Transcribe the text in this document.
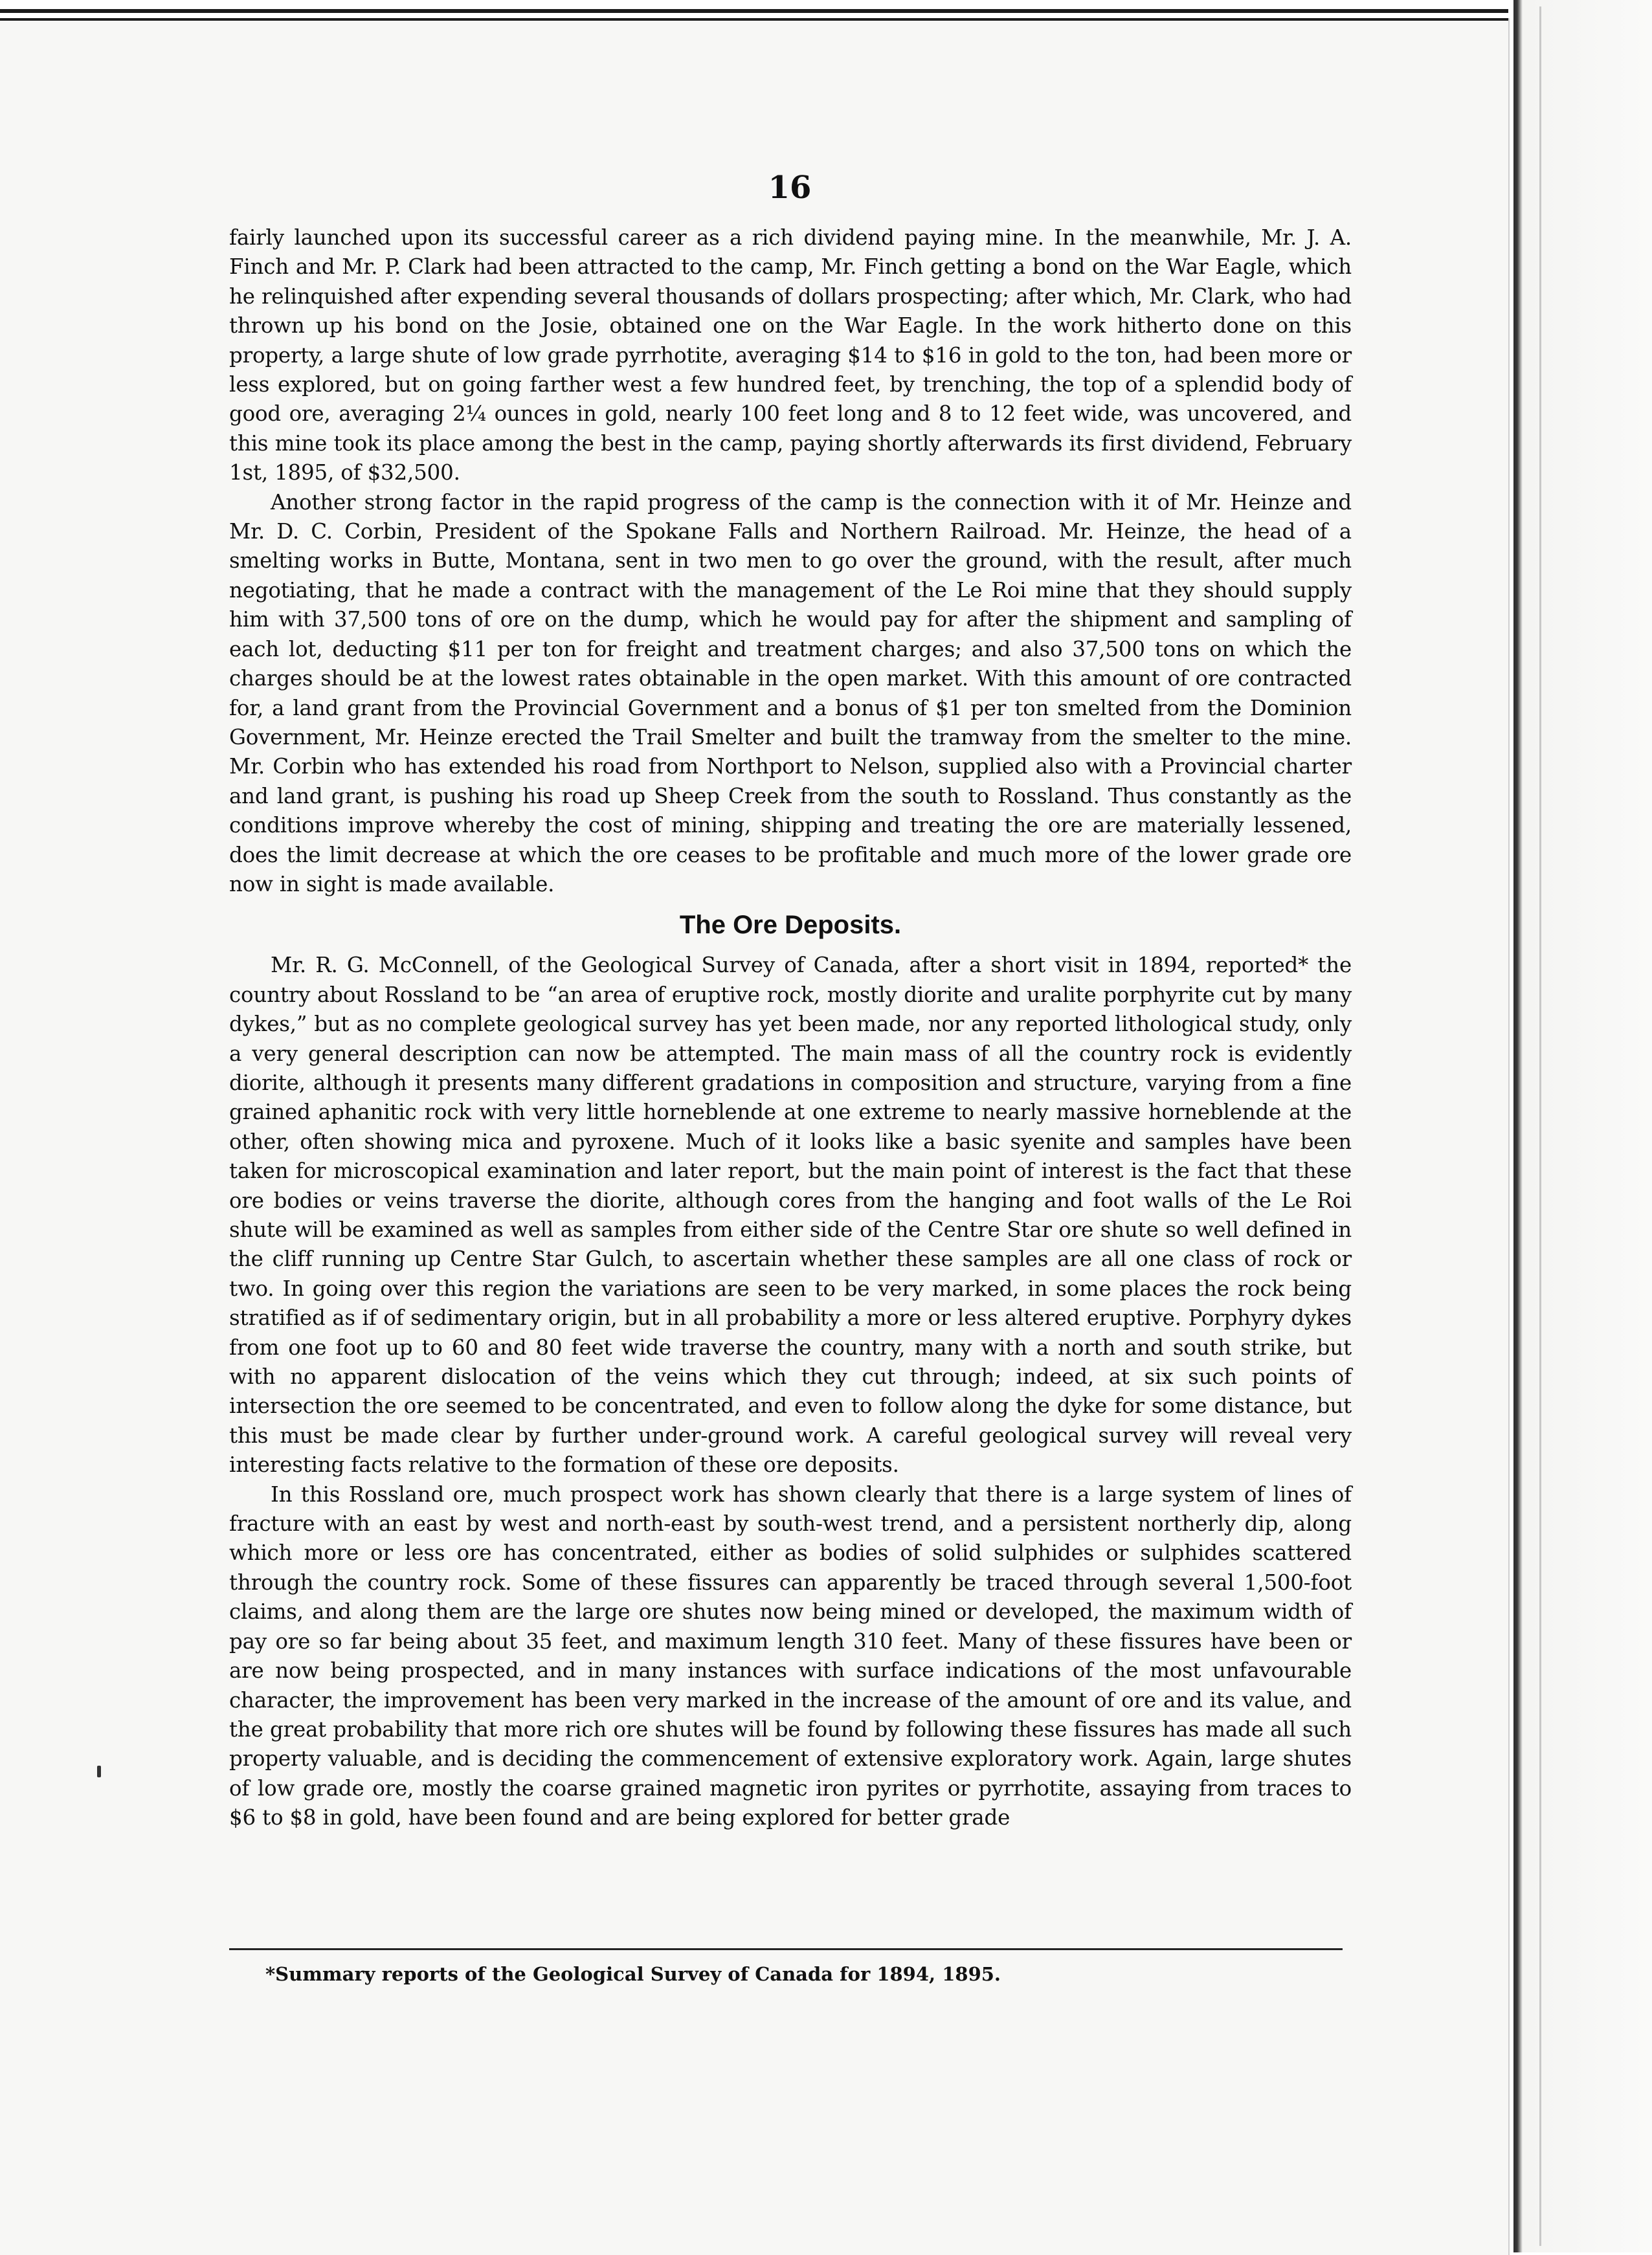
16

fairly launched upon its successful career as a rich dividend paying mine. In the meanwhile, Mr. J. A. Finch and Mr. P. Clark had been attracted to the camp, Mr. Finch getting a bond on the War Eagle, which he relinquished after expending several thousands of dollars prospecting; after which, Mr. Clark, who had thrown up his bond on the Josie, obtained one on the War Eagle. In the work hitherto done on this property, a large shute of low grade pyrrhotite, averaging $14 to $16 in gold to the ton, had been more or less explored, but on going farther west a few hundred feet, by trenching, the top of a splendid body of good ore, averaging 2¼ ounces in gold, nearly 100 feet long and 8 to 12 feet wide, was uncovered, and this mine took its place among the best in the camp, paying shortly afterwards its first dividend, February 1st, 1895, of $32,500.

Another strong factor in the rapid progress of the camp is the connection with it of Mr. Heinze and Mr. D. C. Corbin, President of the Spokane Falls and Northern Railroad. Mr. Heinze, the head of a smelting works in Butte, Montana, sent in two men to go over the ground, with the result, after much negotiating, that he made a contract with the management of the Le Roi mine that they should supply him with 37,500 tons of ore on the dump, which he would pay for after the shipment and sampling of each lot, deducting $11 per ton for freight and treatment charges; and also 37,500 tons on which the charges should be at the lowest rates obtainable in the open market. With this amount of ore contracted for, a land grant from the Provincial Government and a bonus of $1 per ton smelted from the Dominion Government, Mr. Heinze erected the Trail Smelter and built the tramway from the smelter to the mine. Mr. Corbin who has extended his road from Northport to Nelson, supplied also with a Provincial charter and land grant, is pushing his road up Sheep Creek from the south to Rossland. Thus constantly as the conditions improve whereby the cost of mining, shipping and treating the ore are materially lessened, does the limit decrease at which the ore ceases to be profitable and much more of the lower grade ore now in sight is made available.

The Ore Deposits.

Mr. R. G. McConnell, of the Geological Survey of Canada, after a short visit in 1894, reported* the country about Rossland to be “an area of eruptive rock, mostly diorite and uralite porphyrite cut by many dykes,” but as no complete geological survey has yet been made, nor any reported lithological study, only a very general description can now be attempted. The main mass of all the country rock is evidently diorite, although it presents many different gradations in composition and structure, varying from a fine grained aphanitic rock with very little horneblende at one extreme to nearly massive horneblende at the other, often showing mica and pyroxene. Much of it looks like a basic syenite and samples have been taken for microscopical examination and later report, but the main point of interest is the fact that these ore bodies or veins traverse the diorite, although cores from the hanging and foot walls of the Le Roi shute will be examined as well as samples from either side of the Centre Star ore shute so well defined in the cliff running up Centre Star Gulch, to ascertain whether these samples are all one class of rock or two. In going over this region the variations are seen to be very marked, in some places the rock being stratified as if of sedimentary origin, but in all probability a more or less altered eruptive. Porphyry dykes from one foot up to 60 and 80 feet wide traverse the country, many with a north and south strike, but with no apparent dislocation of the veins which they cut through; indeed, at six such points of intersection the ore seemed to be concentrated, and even to follow along the dyke for some distance, but this must be made clear by further under-ground work. A careful geological survey will reveal very interesting facts relative to the formation of these ore deposits.

In this Rossland ore, much prospect work has shown clearly that there is a large system of lines of fracture with an east by west and north-east by south-west trend, and a persistent northerly dip, along which more or less ore has concentrated, either as bodies of solid sulphides or sulphides scattered through the country rock. Some of these fissures can apparently be traced through several 1,500-foot claims, and along them are the large ore shutes now being mined or developed, the maximum width of pay ore so far being about 35 feet, and maximum length 310 feet. Many of these fissures have been or are now being prospected, and in many instances with surface indications of the most unfavourable character, the improvement has been very marked in the increase of the amount of ore and its value, and the great probability that more rich ore shutes will be found by following these fissures has made all such property valuable, and is deciding the commencement of extensive exploratory work. Again, large shutes of low grade ore, mostly the coarse grained magnetic iron pyrites or pyrrhotite, assaying from traces to $6 to $8 in gold, have been found and are being explored for better grade

*Summary reports of the Geological Survey of Canada for 1894, 1895.
